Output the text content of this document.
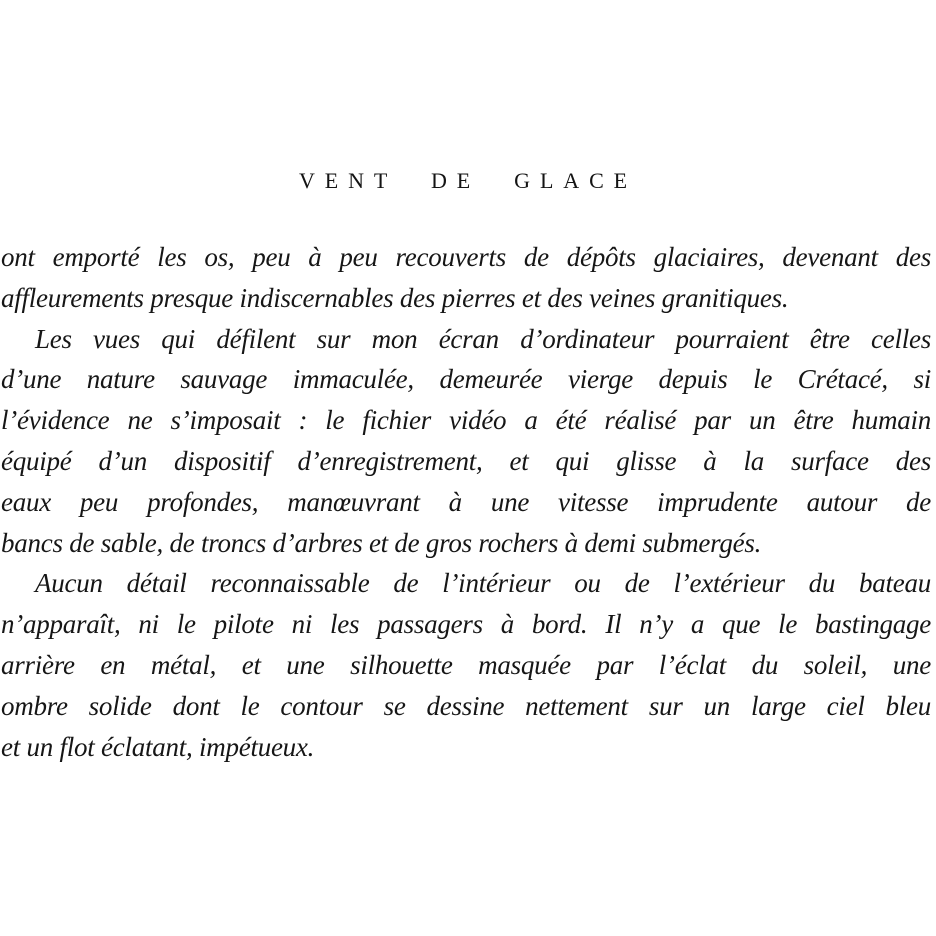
VENT DE GLACE
ont emporté les os, peu à peu recouverts de dépôts glaciaires, devenant des
affleurements presque indiscernables des pierres et des veines granitiques.
Les vues qui défilent sur mon écran d’ordinateur pourraient être celles
d’une nature sauvage immaculée, demeurée vierge depuis le Crétacé, si
l’évidence ne s’imposait : le fichier vidéo a été réalisé par un être humain
équipé d’un dispositif d’enregistrement, et qui glisse à la surface des
eaux peu profondes, manœuvrant à une vitesse imprudente autour de
bancs de sable, de troncs d’arbres et de gros rochers à demi submergés.
Aucun détail reconnaissable de l’intérieur ou de l’extérieur du bateau
n’apparaît, ni le pilote ni les passagers à bord. Il n’y a que le bastingage
arrière en métal, et une silhouette masquée par l’éclat du soleil, une
ombre solide dont le contour se dessine nettement sur un large ciel bleu
et un flot éclatant, impétueux.
